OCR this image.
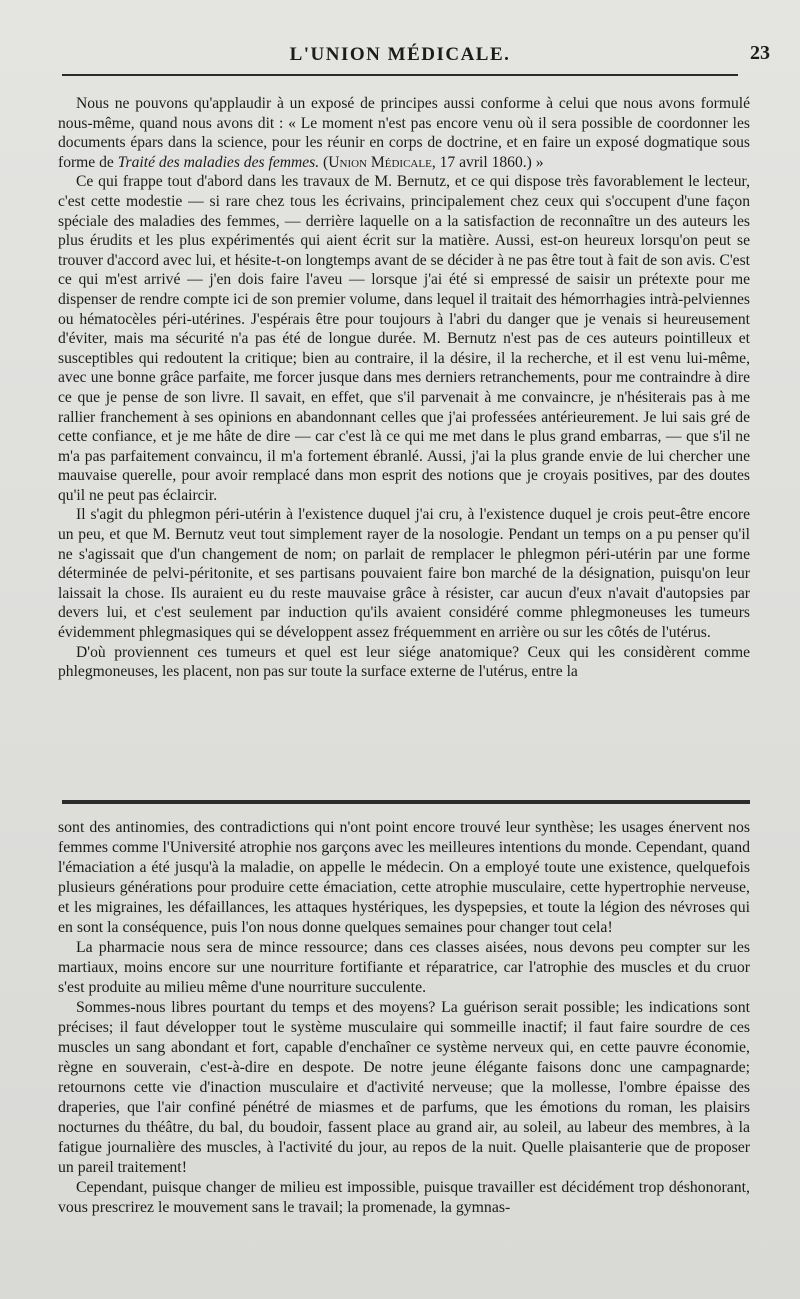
L'UNION MÉDICALE.	23

Nous ne pouvons qu'applaudir à un exposé de principes aussi conforme à celui que nous avons formulé nous-même, quand nous avons dit : « Le moment n'est pas encore venu où il sera possible de coordonner les documents épars dans la science, pour les réunir en corps de doctrine, et en faire un exposé dogmatique sous forme de Traité des maladies des femmes. (Union Médicale, 17 avril 1860.) »

Ce qui frappe tout d'abord dans les travaux de M. Bernutz, et ce qui dispose très favorablement le lecteur, c'est cette modestie — si rare chez tous les écrivains, principalement chez ceux qui s'occupent d'une façon spéciale des maladies des femmes, — derrière laquelle on a la satisfaction de reconnaître un des auteurs les plus érudits et les plus expérimentés qui aient écrit sur la matière. Aussi, est-on heureux lorsqu'on peut se trouver d'accord avec lui, et hésite-t-on longtemps avant de se décider à ne pas être tout à fait de son avis. C'est ce qui m'est arrivé — j'en dois faire l'aveu — lorsque j'ai été si empressé de saisir un prétexte pour me dispenser de rendre compte ici de son premier volume, dans lequel il traitait des hémorrhagies intrà-pelviennes ou hématocèles péri-utérines. J'espérais être pour toujours à l'abri du danger que je venais si heureusement d'éviter, mais ma sécurité n'a pas été de longue durée. M. Bernutz n'est pas de ces auteurs pointilleux et susceptibles qui redoutent la critique; bien au contraire, il la désire, il la recherche, et il est venu lui-même, avec une bonne grâce parfaite, me forcer jusque dans mes derniers retranchements, pour me contraindre à dire ce que je pense de son livre. Il savait, en effet, que s'il parvenait à me convaincre, je n'hésiterais pas à me rallier franchement à ses opinions en abandonnant celles que j'ai professées antérieurement. Je lui sais gré de cette confiance, et je me hâte de dire — car c'est là ce qui me met dans le plus grand embarras, — que s'il ne m'a pas parfaitement convaincu, il m'a fortement ébranlé. Aussi, j'ai la plus grande envie de lui chercher une mauvaise querelle, pour avoir remplacé dans mon esprit des notions que je croyais positives, par des doutes qu'il ne peut pas éclaircir.

Il s'agit du phlegmon péri-utérin à l'existence duquel j'ai cru, à l'existence duquel je crois peut-être encore un peu, et que M. Bernutz veut tout simplement rayer de la nosologie. Pendant un temps on a pu penser qu'il ne s'agissait que d'un changement de nom; on parlait de remplacer le phlegmon péri-utérin par une forme déterminée de pelvi-péritonite, et ses partisans pouvaient faire bon marché de la désignation, puisqu'on leur laissait la chose. Ils auraient eu du reste mauvaise grâce à résister, car aucun d'eux n'avait d'autopsies par devers lui, et c'est seulement par induction qu'ils avaient considéré comme phlegmoneuses les tumeurs évidemment phlegmasiques qui se développent assez fréquemment en arrière ou sur les côtés de l'utérus.

D'où proviennent ces tumeurs et quel est leur siége anatomique? Ceux qui les considèrent comme phlegmoneuses, les placent, non pas sur toute la surface externe de l'utérus, entre la

sont des antinomies, des contradictions qui n'ont point encore trouvé leur synthèse; les usages énervent nos femmes comme l'Université atrophie nos garçons avec les meilleures intentions du monde. Cependant, quand l'émaciation a été jusqu'à la maladie, on appelle le médecin. On a employé toute une existence, quelquefois plusieurs générations pour produire cette émaciation, cette atrophie musculaire, cette hypertrophie nerveuse, et les migraines, les défaillances, les attaques hystériques, les dyspepsies, et toute la légion des névroses qui en sont la conséquence, puis l'on nous donne quelques semaines pour changer tout cela!

La pharmacie nous sera de mince ressource; dans ces classes aisées, nous devons peu compter sur les martiaux, moins encore sur une nourriture fortifiante et réparatrice, car l'atrophie des muscles et du cruor s'est produite au milieu même d'une nourriture succulente.

Sommes-nous libres pourtant du temps et des moyens? La guérison serait possible; les indications sont précises; il faut développer tout le système musculaire qui sommeille inactif; il faut faire sourdre de ces muscles un sang abondant et fort, capable d'enchaîner ce système nerveux qui, en cette pauvre économie, règne en souverain, c'est-à-dire en despote. De notre jeune élégante faisons donc une campagnarde; retournons cette vie d'inaction musculaire et d'activité nerveuse; que la mollesse, l'ombre épaisse des draperies, que l'air confiné pénétré de miasmes et de parfums, que les émotions du roman, les plaisirs nocturnes du théâtre, du bal, du boudoir, fassent place au grand air, au soleil, au labeur des membres, à la fatigue journalière des muscles, à l'activité du jour, au repos de la nuit. Quelle plaisanterie que de proposer un pareil traitement!

Cependant, puisque changer de milieu est impossible, puisque travailler est décidément trop déshonorant, vous prescrirez le mouvement sans le travail; la promenade, la gymnas-
